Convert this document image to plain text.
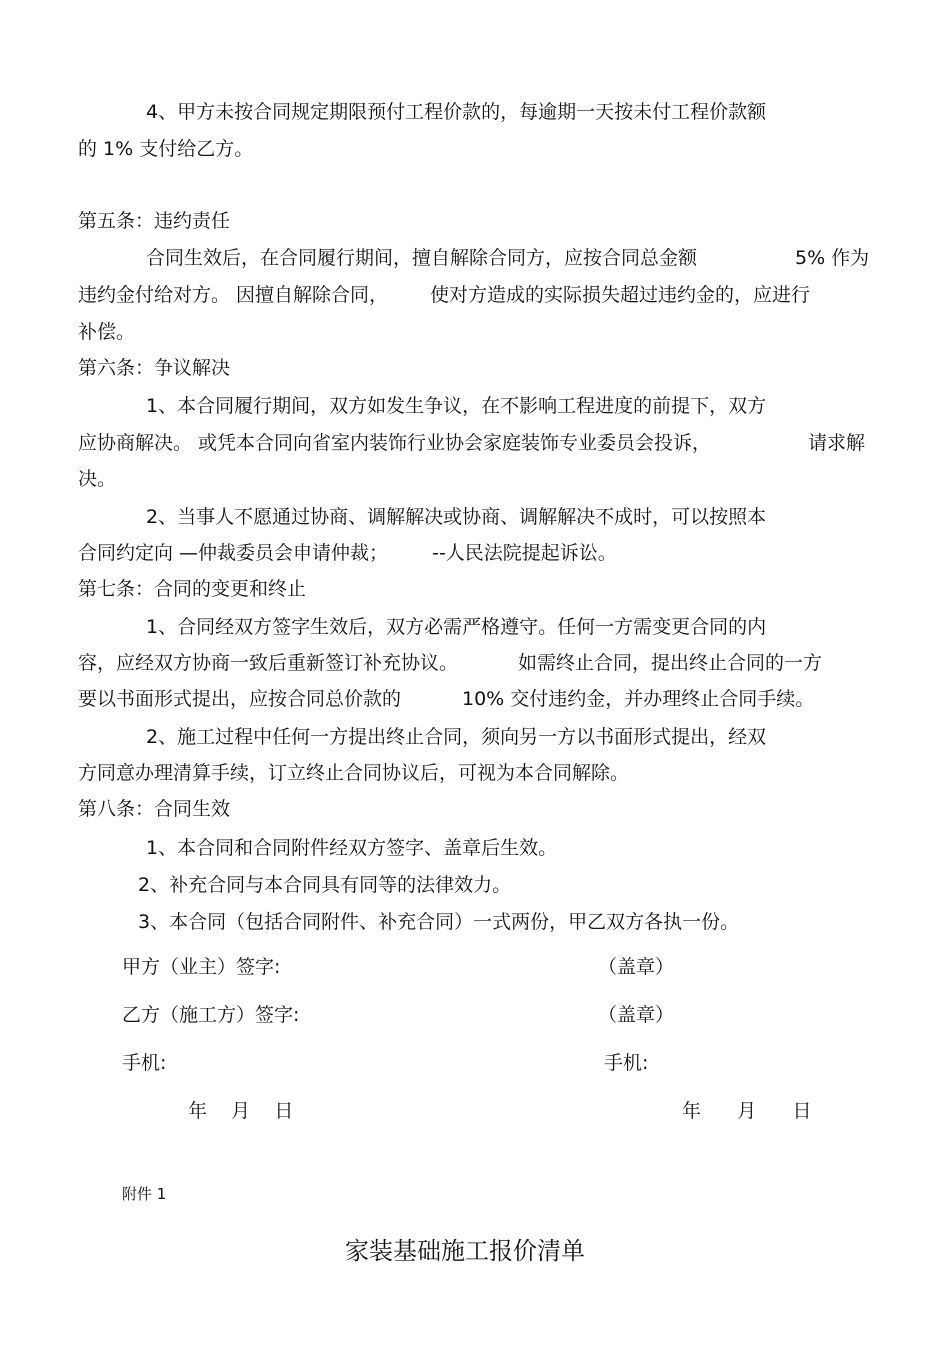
4、甲方未按合同规定期限预付工程价款的，每逾期一天按未付工程价款额
的 1% 支付给乙方。
第五条：违约责任
合同生效后，在合同履行期间，擅自解除合同方，应按合同总金额	5% 作为
违约金付给对方。 因擅自解除合同， 使对方造成的实际损失超过违约金的，应进行
补偿。
第六条：争议解决
1、本合同履行期间，双方如发生争议，在不影响工程进度的前提下，双方
应协商解决。 或凭本合同向省室内装饰行业协会家庭装饰专业委员会投诉，	请求解
决。
2、当事人不愿通过协商、调解解决或协商、调解解决不成时，可以按照本
合同约定向 —仲裁委员会申请仲裁； --人民法院提起诉讼。
第七条：合同的变更和终止
1、合同经双方签字生效后，双方必需严格遵守。任何一方需变更合同的内
容，应经双方协商一致后重新签订补充协议。	如需终止合同，提出终止合同的一方
要以书面形式提出，应按合同总价款的	10% 交付违约金，并办理终止合同手续。
2、施工过程中任何一方提出终止合同，须向另一方以书面形式提出，经双
方同意办理清算手续，订立终止合同协议后，可视为本合同解除。
第八条：合同生效
1、本合同和合同附件经双方签字、盖章后生效。
2、补充合同与本合同具有同等的法律效力。
3、本合同（包括合同附件、补充合同）一式两份，甲乙双方各执一份。
甲方（业主）签字:	（盖章）
乙方（施工方）签字:	（盖章）
手机:	手机:
年    月    日	年      月      日
附件 1
家装基础施工报价清单
